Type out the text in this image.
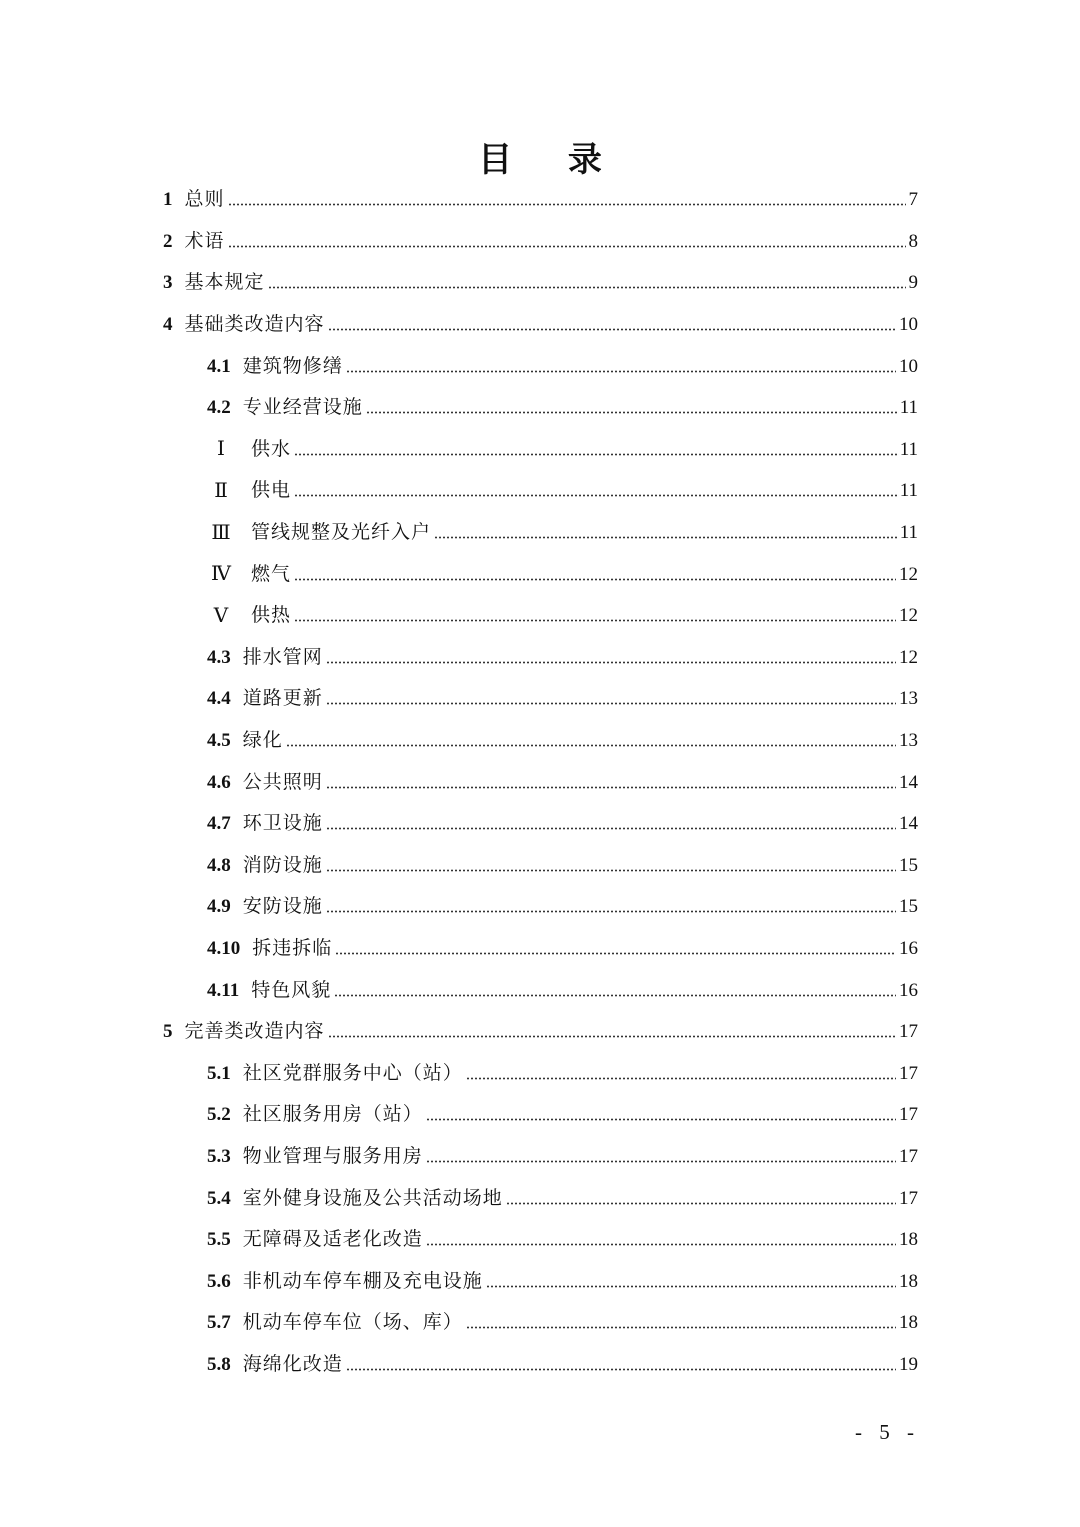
目 录
1 总则	7
2 术语	8
3 基本规定	9
4 基础类改造内容	10
4.1 建筑物修缮	10
4.2 专业经营设施	11
Ⅰ	供水	11
Ⅱ 供电	11
Ⅲ 管线规整及光纤入户	11
Ⅳ 燃气	12
Ⅴ 供热	12
4.3 排水管网	12
4.4 道路更新	13
4.5 绿化	13
4.6 公共照明	14
4.7 环卫设施	14
4.8 消防设施	15
4.9 安防设施	15
4.10 拆违拆临	16
4.11 特色风貌	16
5 完善类改造内容	17
5.1 社区党群服务中心（站）	17
5.2 社区服务用房（站）	17
5.3 物业管理与服务用房	17
5.4 室外健身设施及公共活动场地	17
5.5 无障碍及适老化改造	18
5.6 非机动车停车棚及充电设施	18
5.7 机动车停车位（场、库）	18
5.8 海绵化改造	19
- 5 -
